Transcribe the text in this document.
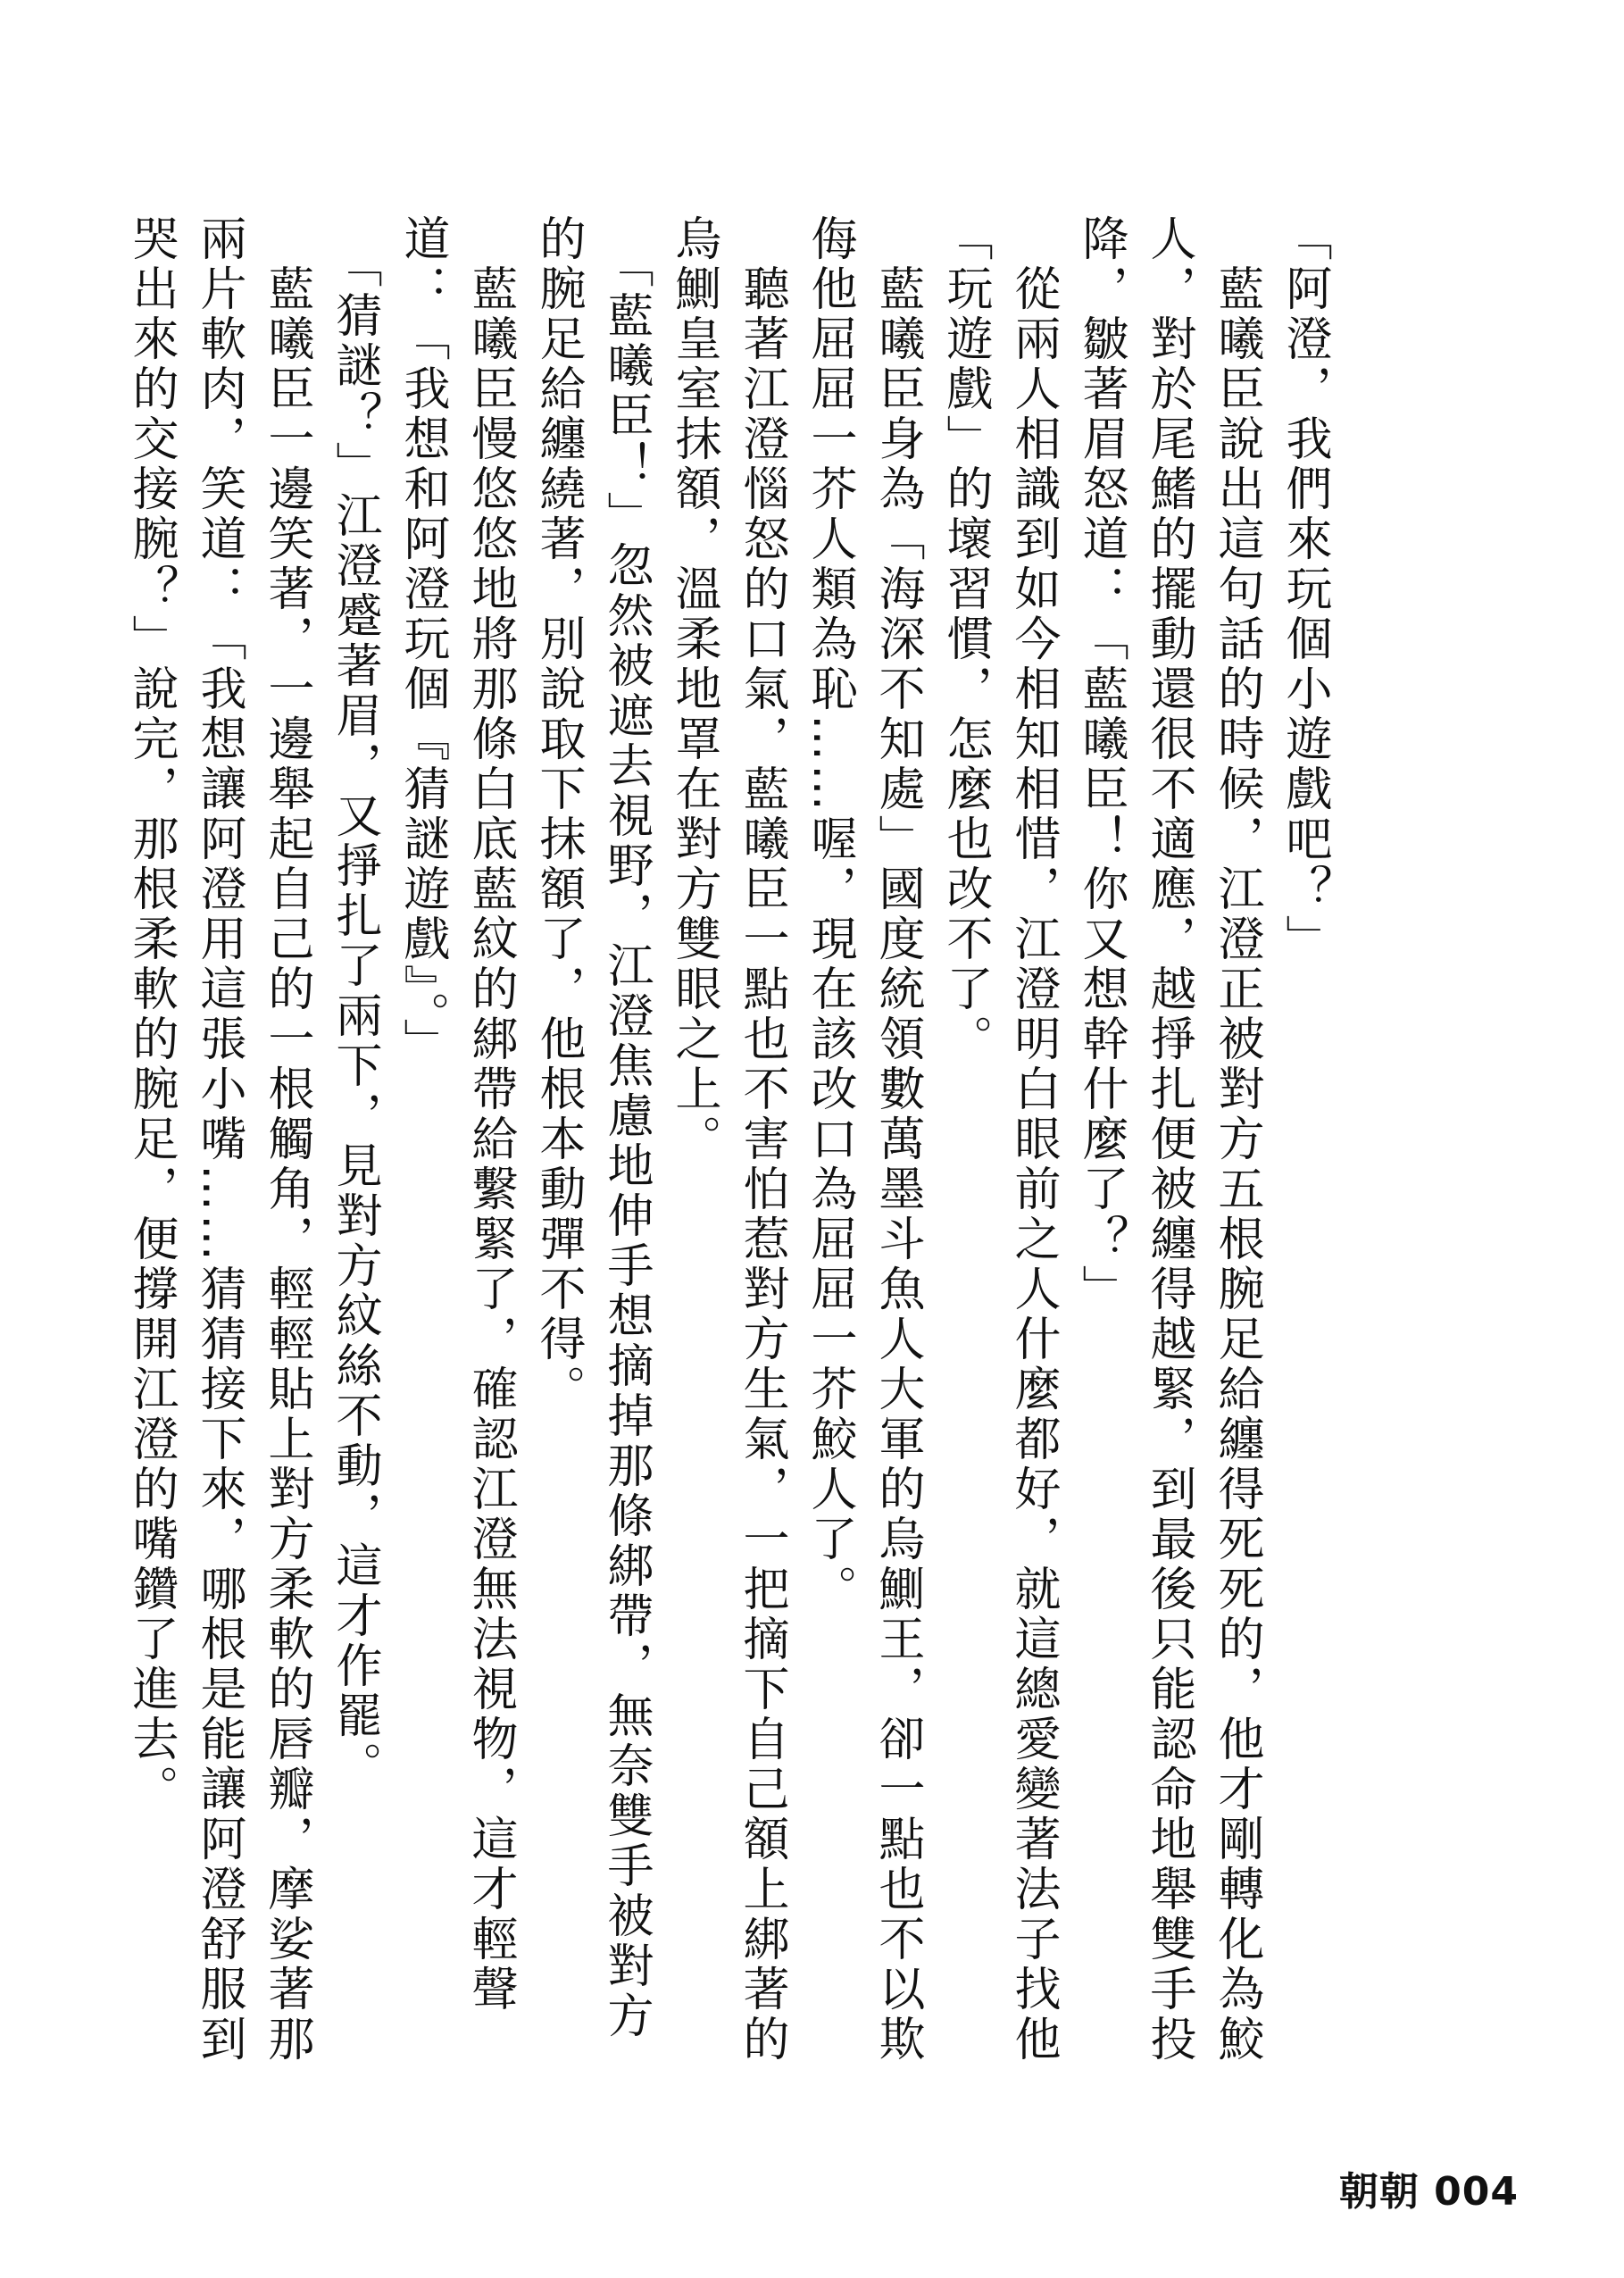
「阿澄，我們來玩個小遊戲吧？」

　藍曦臣說出這句話的時候，江澄正被對方五根腕足給纏得死死的，他才剛轉化為鮫人，對於尾鰭的擺動還很不適應，越掙扎便被纏得越緊，到最後只能認命地舉雙手投降，皺著眉怒道：「藍曦臣！你又想幹什麼了？」

　從兩人相識到如今相知相惜，江澄明白眼前之人什麼都好，就這總愛變著法子找他「玩遊戲」的壞習慣，怎麼也改不了。

　藍曦臣身為「海深不知處」國度統領數萬墨斗魚人大軍的烏鰂王，卻一點也不以欺侮他屈屈一芥人類為恥……喔，現在該改口為屈屈一芥鮫人了。

　聽著江澄惱怒的口氣，藍曦臣一點也不害怕惹對方生氣，一把摘下自己額上綁著的烏鰂皇室抹額，溫柔地罩在對方雙眼之上。

　「藍曦臣！」忽然被遮去視野，江澄焦慮地伸手想摘掉那條綁帶，無奈雙手被對方的腕足給纏繞著，別說取下抹額了，他根本動彈不得。

　藍曦臣慢悠悠地將那條白底藍紋的綁帶給繫緊了，確認江澄無法視物，這才輕聲道：「我想和阿澄玩個『猜謎遊戲』。」

　「猜謎？」江澄蹙著眉，又掙扎了兩下，見對方紋絲不動，這才作罷。

　藍曦臣一邊笑著，一邊舉起自己的一根觸角，輕輕貼上對方柔軟的唇瓣，摩娑著那兩片軟肉，笑道：「我想讓阿澄用這張小嘴……猜猜接下來，哪根是能讓阿澄舒服到哭出來的交接腕？」說完，那根柔軟的腕足，便撐開江澄的嘴鑽了進去。

朝朝 004
